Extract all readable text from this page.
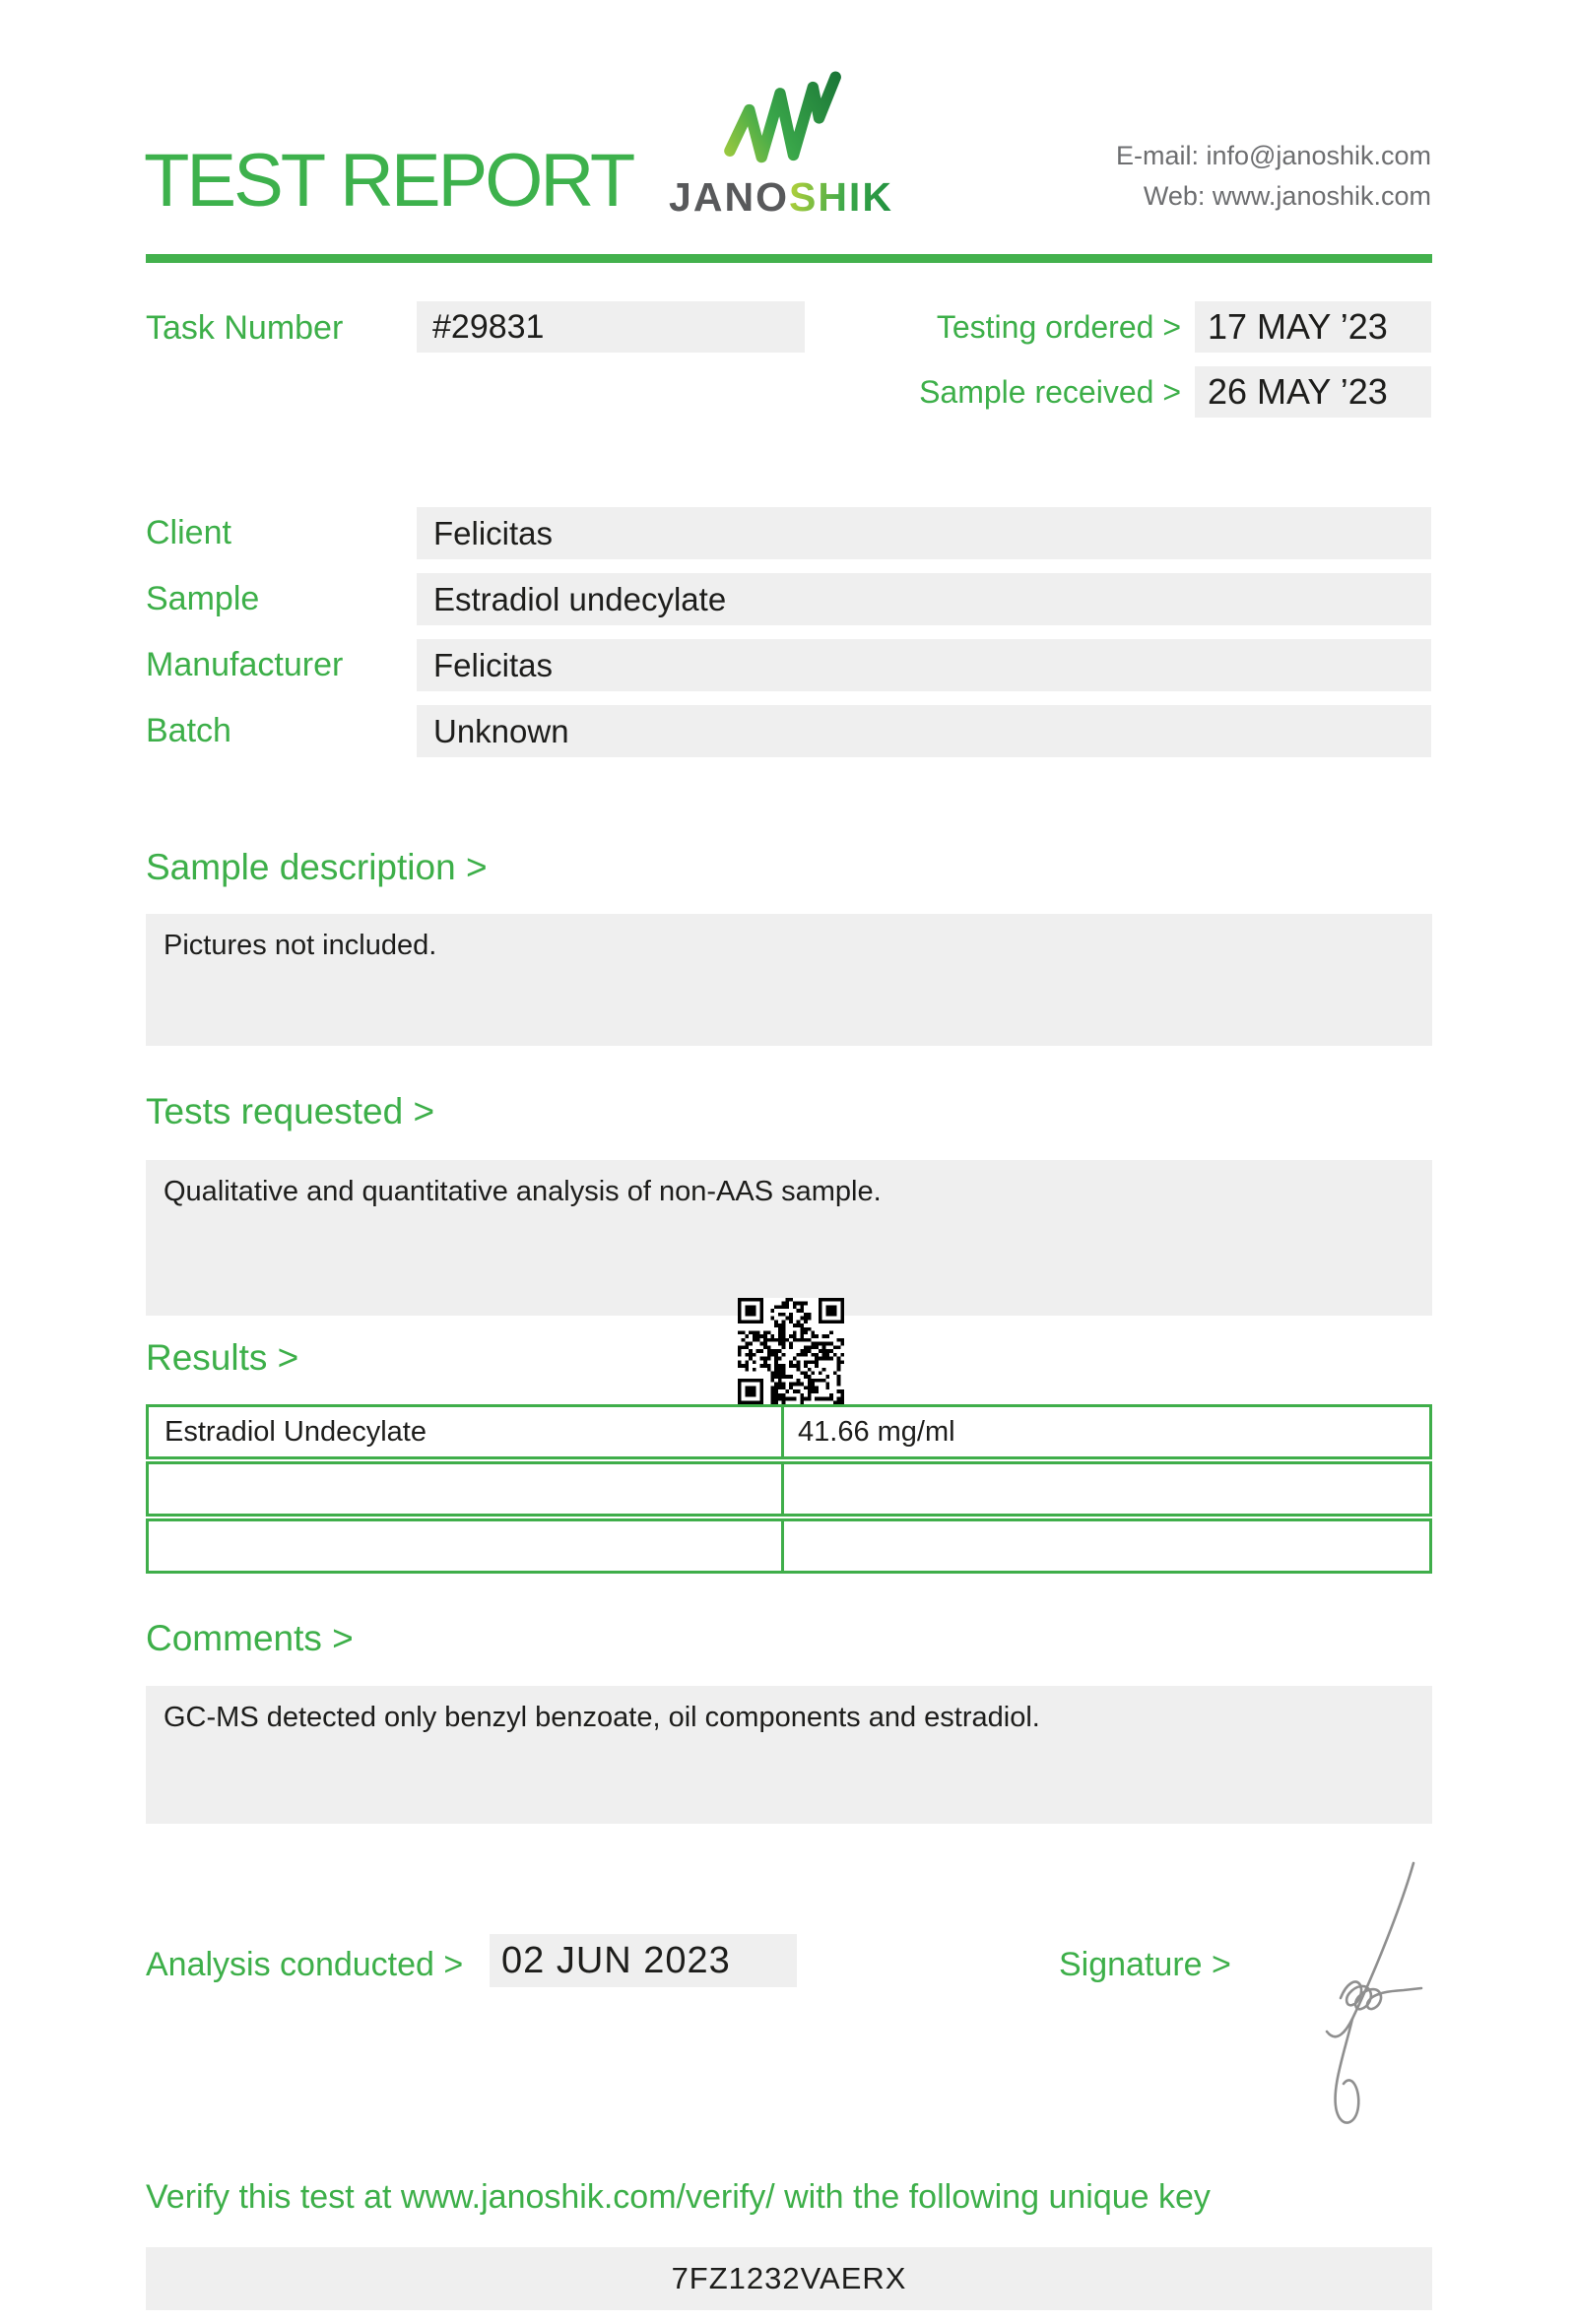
TEST REPORT JANOSHIK
E-mail: info@janoshik.com
Web: www.janoshik.com
Task Number	#29831	Testing ordered > 17 MAY ’23
Sample received > 26 MAY ’23
Client	Felicitas
Sample	Estradiol undecylate
Manufacturer	Felicitas
Batch	Unknown
Sample description >

Pictures not included.

Tests requested >

Qualitative and quantitative analysis of non-AAS sample.

Results >
Estradiol Undecylate	41.66 mg/ml
Comments >

GC-MS detected only benzyl benzoate, oil components and estradiol.

Analysis conducted >	02 JUN 2023	Signature >
Verify this test at www.janoshik.com/verify/ with the following unique key
7FZ1232VAERX
